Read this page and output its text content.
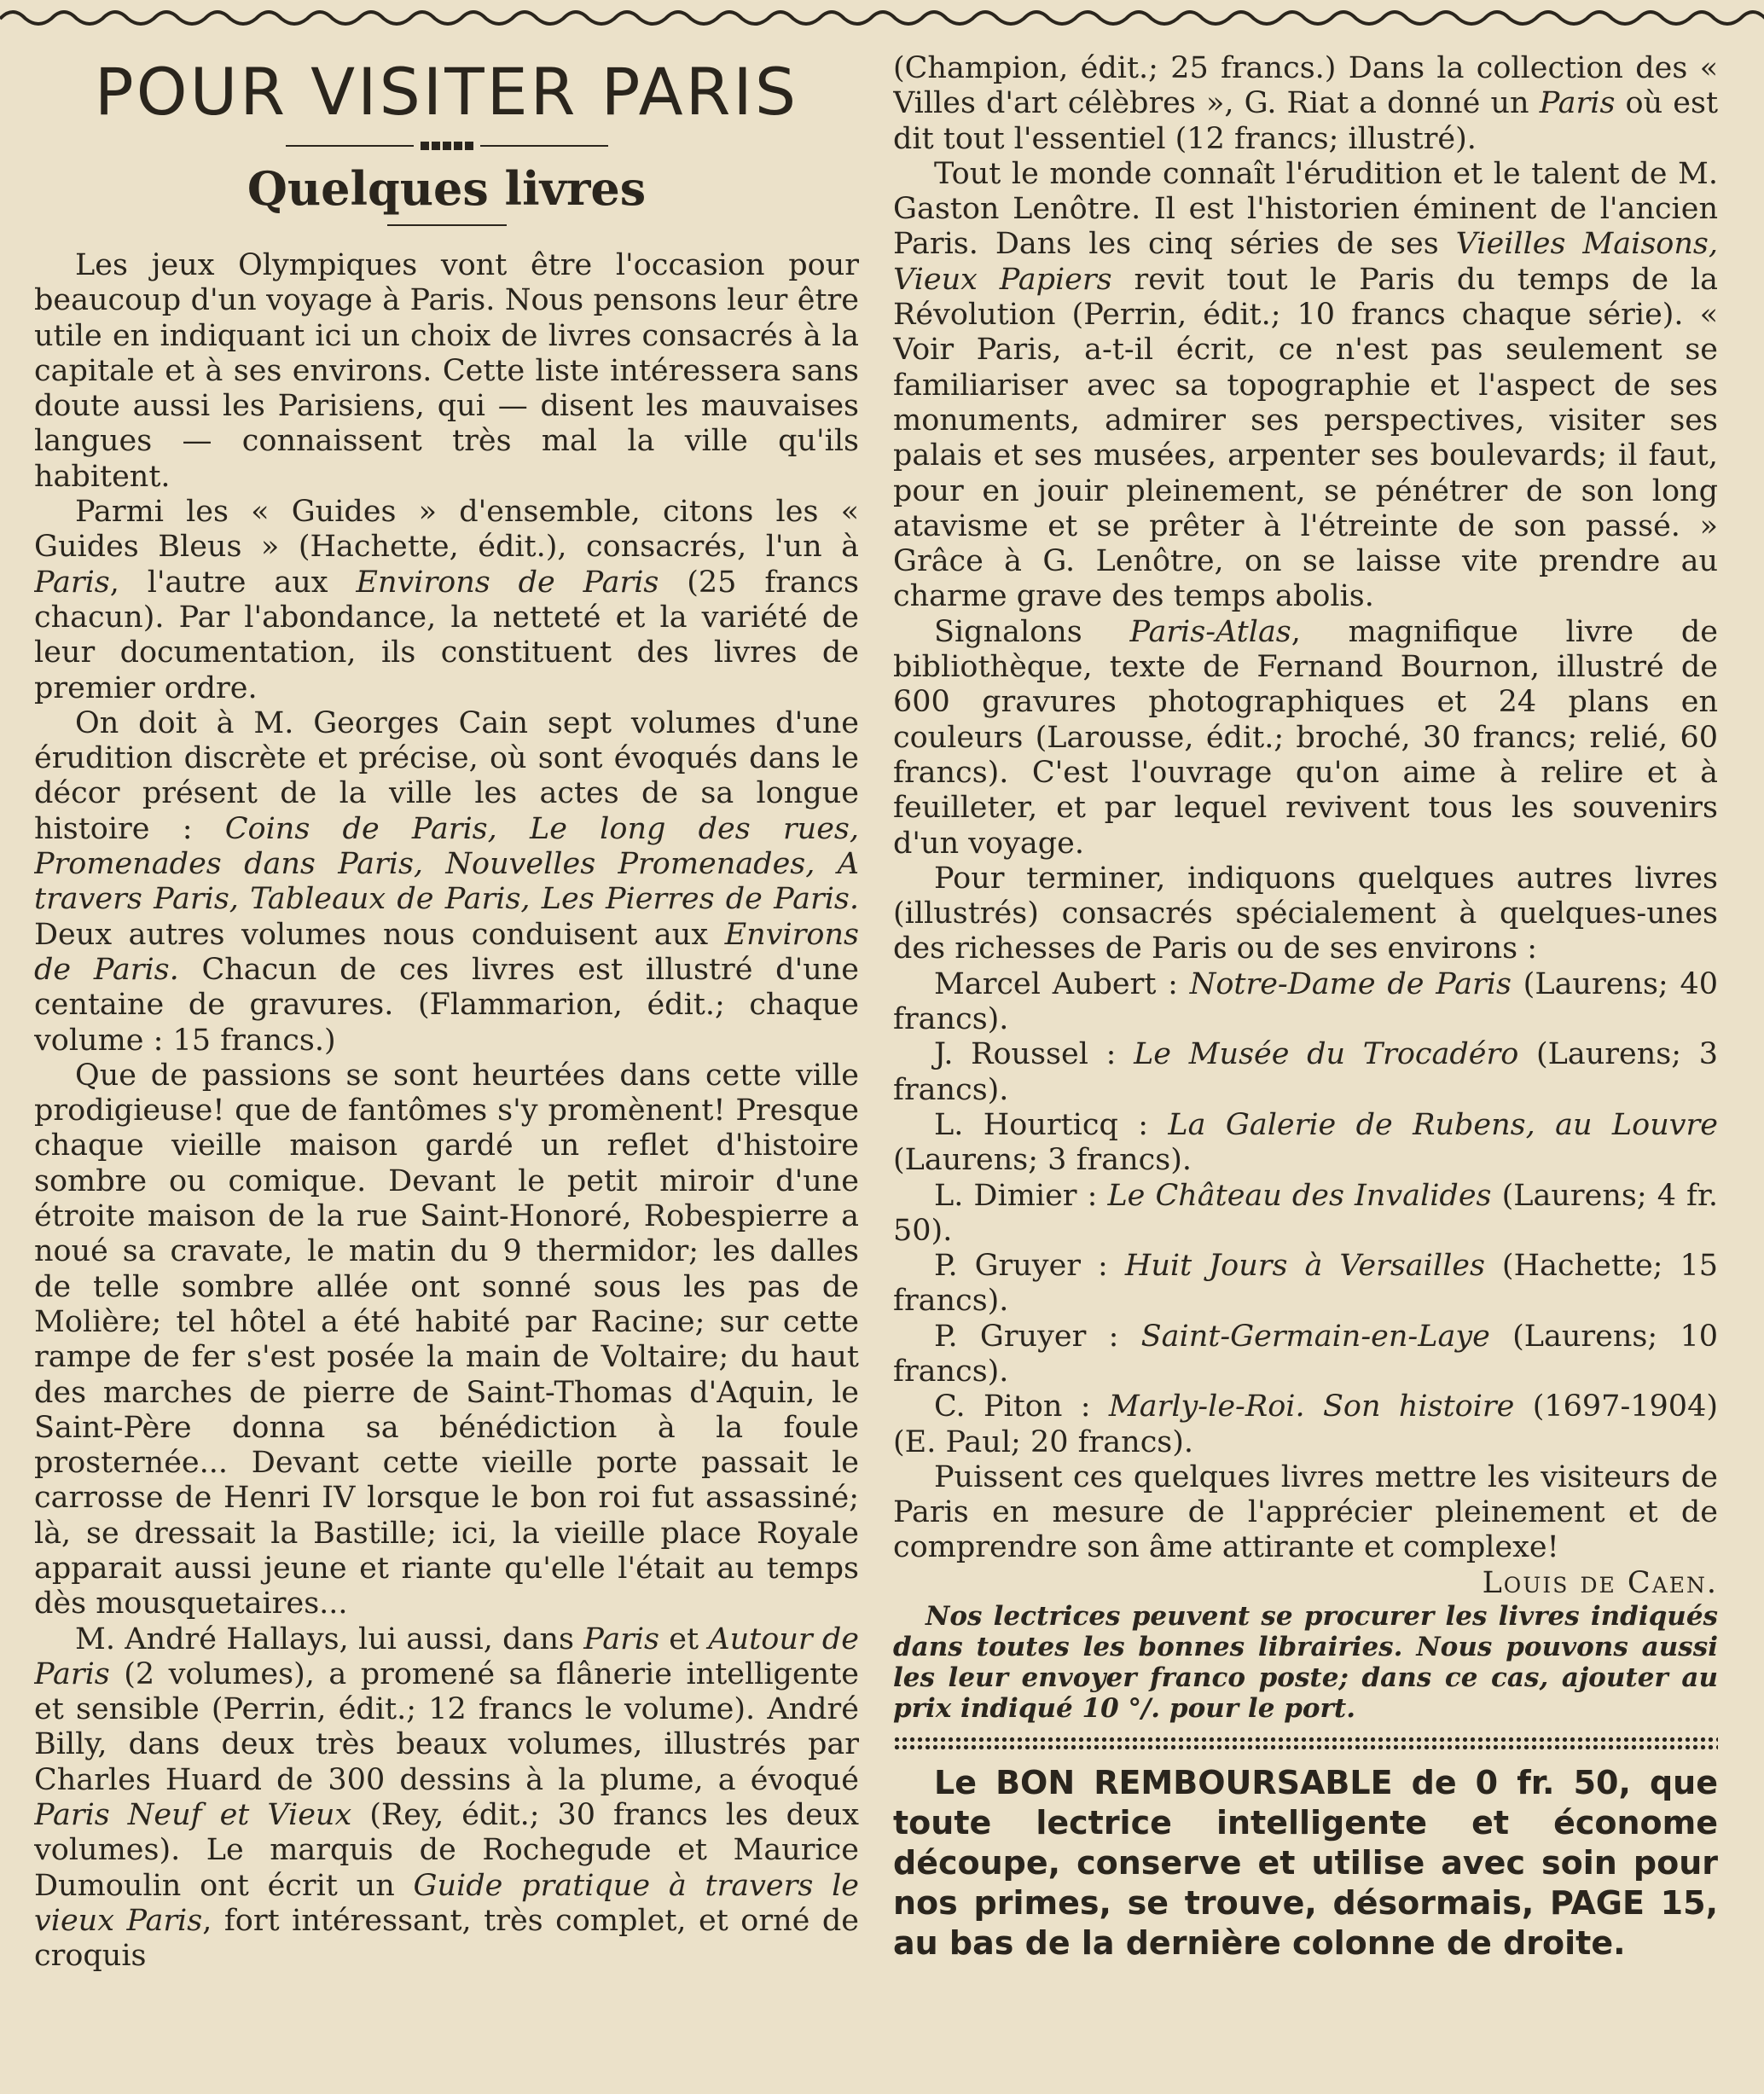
POUR VISITER PARIS
Quelques livres

Les jeux Olympiques vont être l'occasion pour beaucoup d'un voyage à Paris. Nous pensons leur être utile en indiquant ici un choix de livres consacrés à la capitale et à ses environs. Cette liste intéressera sans doute aussi les Parisiens, qui — disent les mauvaises langues — connaissent très mal la ville qu'ils habitent.

Parmi les « Guides » d'ensemble, citons les « Guides Bleus » (Hachette, édit.), consacrés, l'un à Paris, l'autre aux Environs de Paris (25 francs chacun). Par l'abondance, la netteté et la variété de leur documentation, ils constituent des livres de premier ordre.

On doit à M. Georges Cain sept volumes d'une érudition discrète et précise, où sont évoqués dans le décor présent de la ville les actes de sa longue histoire : Coins de Paris, Le long des rues, Promenades dans Paris, Nouvelles Promenades, A travers Paris, Tableaux de Paris, Les Pierres de Paris. Deux autres volumes nous conduisent aux Environs de Paris. Chacun de ces livres est illustré d'une centaine de gravures. (Flammarion, édit.; chaque volume : 15 francs.)

Que de passions se sont heurtées dans cette ville prodigieuse! que de fantômes s'y promènent! Presque chaque vieille maison gardé un reflet d'histoire sombre ou comique. Devant le petit miroir d'une étroite maison de la rue Saint-Honoré, Robespierre a noué sa cravate, le matin du 9 thermidor; les dalles de telle sombre allée ont sonné sous les pas de Molière; tel hôtel a été habité par Racine; sur cette rampe de fer s'est posée la main de Voltaire; du haut des marches de pierre de Saint-Thomas d'Aquin, le Saint-Père donna sa bénédiction à la foule prosternée... Devant cette vieille porte passait le carrosse de Henri IV lorsque le bon roi fut assassiné; là, se dressait la Bastille; ici, la vieille place Royale apparait aussi jeune et riante qu'elle l'était au temps dès mousquetaires...

M. André Hallays, lui aussi, dans Paris et Autour de Paris (2 volumes), a promené sa flânerie intelligente et sensible (Perrin, édit.; 12 francs le volume). André Billy, dans deux très beaux volumes, illustrés par Charles Huard de 300 dessins à la plume, a évoqué Paris Neuf et Vieux (Rey, édit.; 30 francs les deux volumes). Le marquis de Rochegude et Maurice Dumoulin ont écrit un Guide pratique à travers le vieux Paris, fort intéressant, très complet, et orné de croquis

(Champion, édit.; 25 francs.) Dans la collection des « Villes d'art célèbres », G. Riat a donné un Paris où est dit tout l'essentiel (12 francs; illustré).

Tout le monde connaît l'érudition et le talent de M. Gaston Lenôtre. Il est l'historien éminent de l'ancien Paris. Dans les cinq séries de ses Vieilles Maisons, Vieux Papiers revit tout le Paris du temps de la Révolution (Perrin, édit.; 10 francs chaque série). « Voir Paris, a-t-il écrit, ce n'est pas seulement se familiariser avec sa topographie et l'aspect de ses monuments, admirer ses perspectives, visiter ses palais et ses musées, arpenter ses boulevards; il faut, pour en jouir pleinement, se pénétrer de son long atavisme et se prêter à l'étreinte de son passé. » Grâce à G. Lenôtre, on se laisse vite prendre au charme grave des temps abolis.

Signalons Paris-Atlas, magnifique livre de bibliothèque, texte de Fernand Bournon, illustré de 600 gravures photographiques et 24 plans en couleurs (Larousse, édit.; broché, 30 francs; relié, 60 francs). C'est l'ouvrage qu'on aime à relire et à feuilleter, et par lequel revivent tous les souvenirs d'un voyage.

Pour terminer, indiquons quelques autres livres (illustrés) consacrés spécialement à quelques-unes des richesses de Paris ou de ses environs :

Marcel Aubert : Notre-Dame de Paris (Laurens; 40 francs).

J. Roussel : Le Musée du Trocadéro (Laurens; 3 francs).

L. Hourticq : La Galerie de Rubens, au Louvre (Laurens; 3 francs).

L. Dimier : Le Château des Invalides (Laurens; 4 fr. 50).

P. Gruyer : Huit Jours à Versailles (Hachette; 15 francs).

P. Gruyer : Saint-Germain-en-Laye (Laurens; 10 francs).

C. Piton : Marly-le-Roi. Son histoire (1697-1904) (E. Paul; 20 francs).

Puissent ces quelques livres mettre les visiteurs de Paris en mesure de l'apprécier pleinement et de comprendre son âme attirante et complexe!

Louis de Caen.

Nos lectrices peuvent se procurer les livres indiqués dans toutes les bonnes librairies. Nous pouvons aussi les leur envoyer franco poste; dans ce cas, ajouter au prix indiqué 10 °/. pour le port.

Le BON REMBOURSABLE de 0 fr. 50, que toute lectrice intelligente et économe découpe, conserve et utilise avec soin pour nos primes, se trouve, désormais, PAGE 15, au bas de la dernière colonne de droite.
